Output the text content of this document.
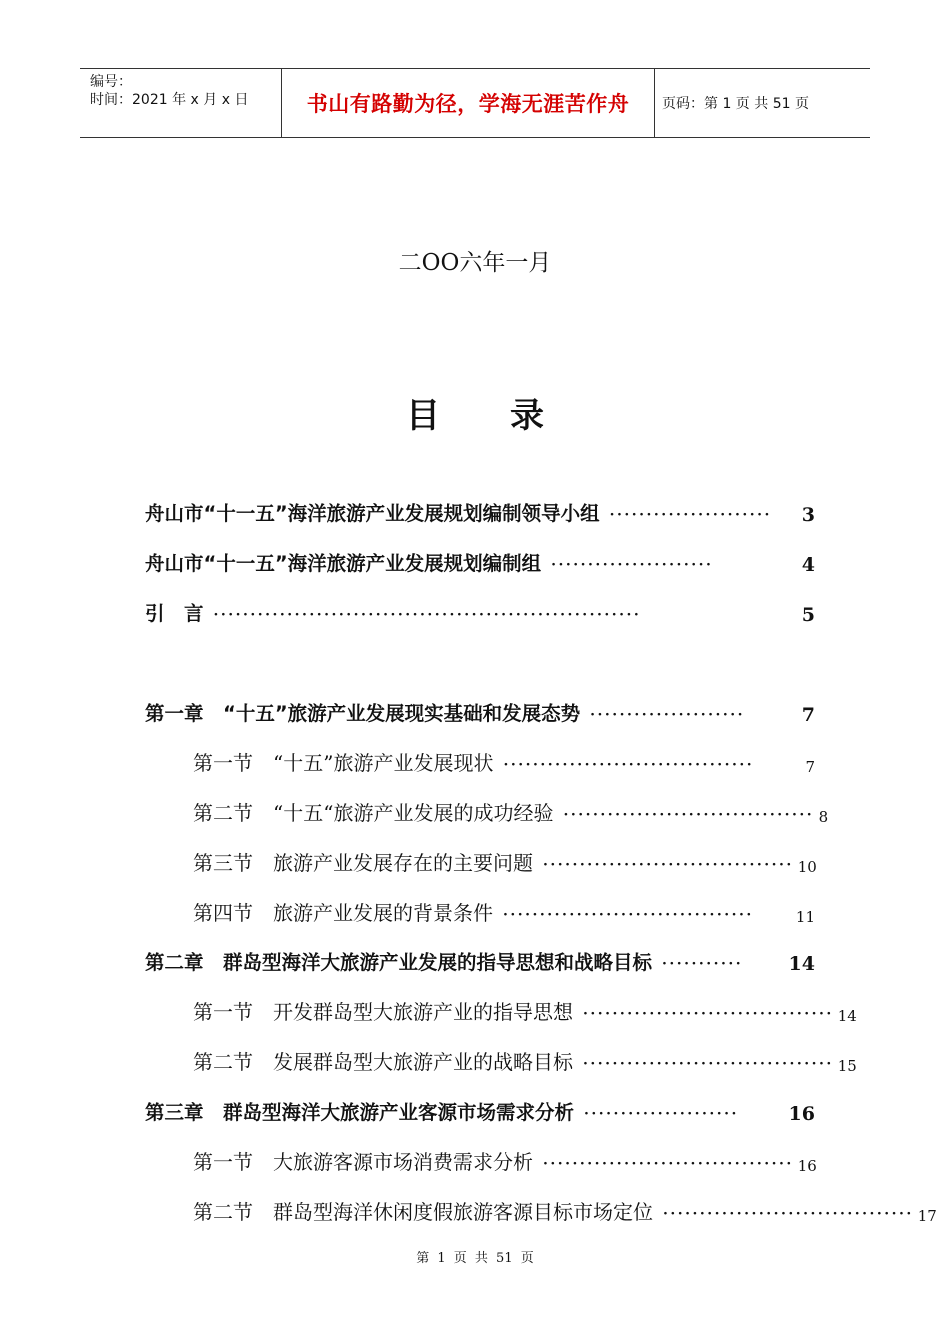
编号：
时间：2021 年 x 月 x 日	书山有路勤为径，学海无涯苦作舟	页码：第 1 页 共 51 页
二OO六年一月
目录
舟山市“十一五”海洋旅游产业发展规划编制领导小组 ······················	3
舟山市“十一五”海洋旅游产业发展规划编制组 ······················	4
引　言 ··························································	5
第一章　“十五”旅游产业发展现实基础和发展态势 ·····················	7
第一节　“十五”旅游产业发展现状 ··································	7
第二节　“十五“旅游产业发展的成功经验 ·································· 8
第三节　旅游产业发展存在的主要问题 ·································· 10
第四节　旅游产业发展的背景条件 ··································	11
第二章　群岛型海洋大旅游产业发展的指导思想和战略目标 ···········	14
第一节　开发群岛型大旅游产业的指导思想 ·································· 14
第二节　发展群岛型大旅游产业的战略目标 ·································· 15
第三章　群岛型海洋大旅游产业客源市场需求分析 ·····················	16
第一节　大旅游客源市场消费需求分析 ·································· 16
第二节　群岛型海洋休闲度假旅游客源目标市场定位 ·································· 17
第 1 页 共 51 页
